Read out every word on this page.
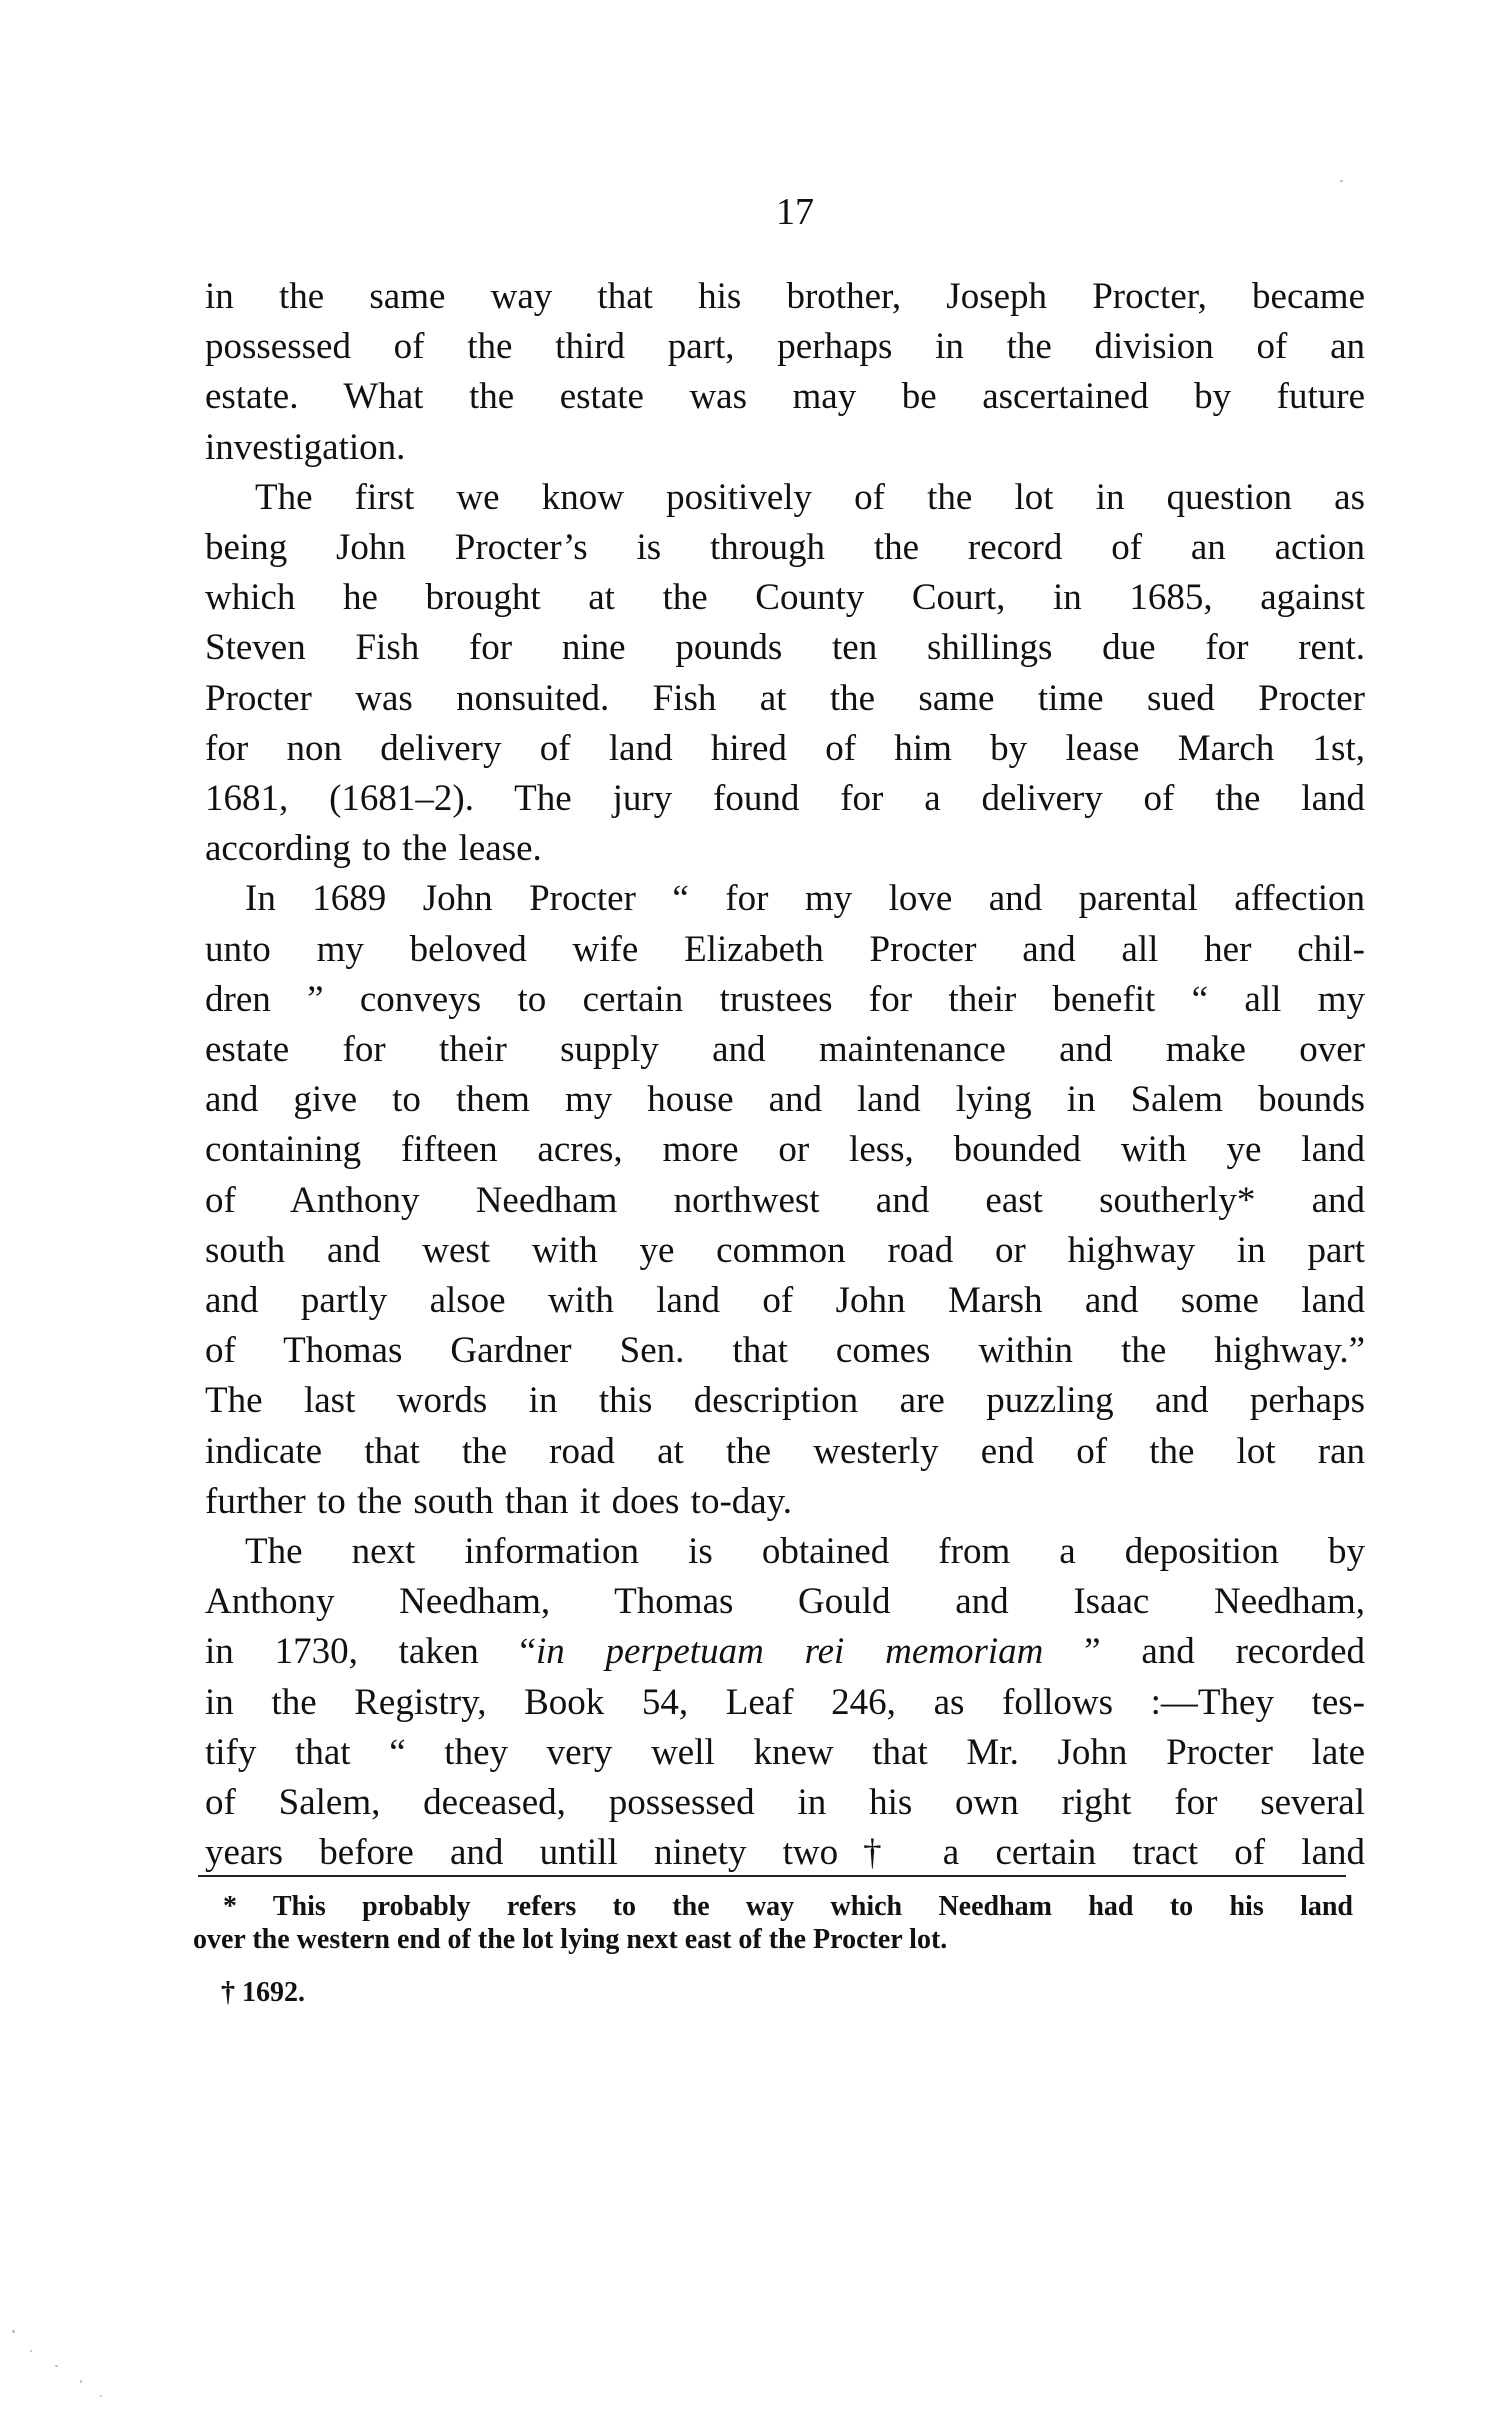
17
in the same way that his brother, Joseph Procter, became
possessed of the third part, perhaps in the division of an
estate. What the estate was may be ascertained by future
investigation.
The first we know positively of the lot in question as
being John Procter’s is through the record of an action
which he brought at the County Court, in 1685, against
Steven Fish for nine pounds ten shillings due for rent.
Procter was nonsuited. Fish at the same time sued Procter
for non delivery of land hired of him by lease March 1st,
1681, (1681–2). The jury found for a delivery of the land
according to the lease.
In 1689 John Procter “ for my love and parental affection
unto my beloved wife Elizabeth Procter and all her chil-
dren ” conveys to certain trustees for their benefit “ all my
estate for their supply and maintenance and make over
and give to them my house and land lying in Salem bounds
containing fifteen acres, more or less, bounded with ye land
of Anthony Needham northwest and east southerly* and
south and west with ye common road or highway in part
and partly alsoe with land of John Marsh and some land
of Thomas Gardner Sen. that comes within the highway.”
The last words in this description are puzzling and perhaps
indicate that the road at the westerly end of the lot ran
further to the south than it does to-day.
The next information is obtained from a deposition by
Anthony Needham, Thomas Gould and Isaac Needham,
in 1730, taken “in perpetuam rei memoriam ” and recorded
in the Registry, Book 54, Leaf 246, as follows :—They tes-
tify that “ they very well knew that Mr. John Procter late
of Salem, deceased, possessed in his own right for several
years before and untill ninety two† a certain tract of land
* This probably refers to the way which Needham had to his land
over the western end of the lot lying next east of the Procter lot.
† 1692.
